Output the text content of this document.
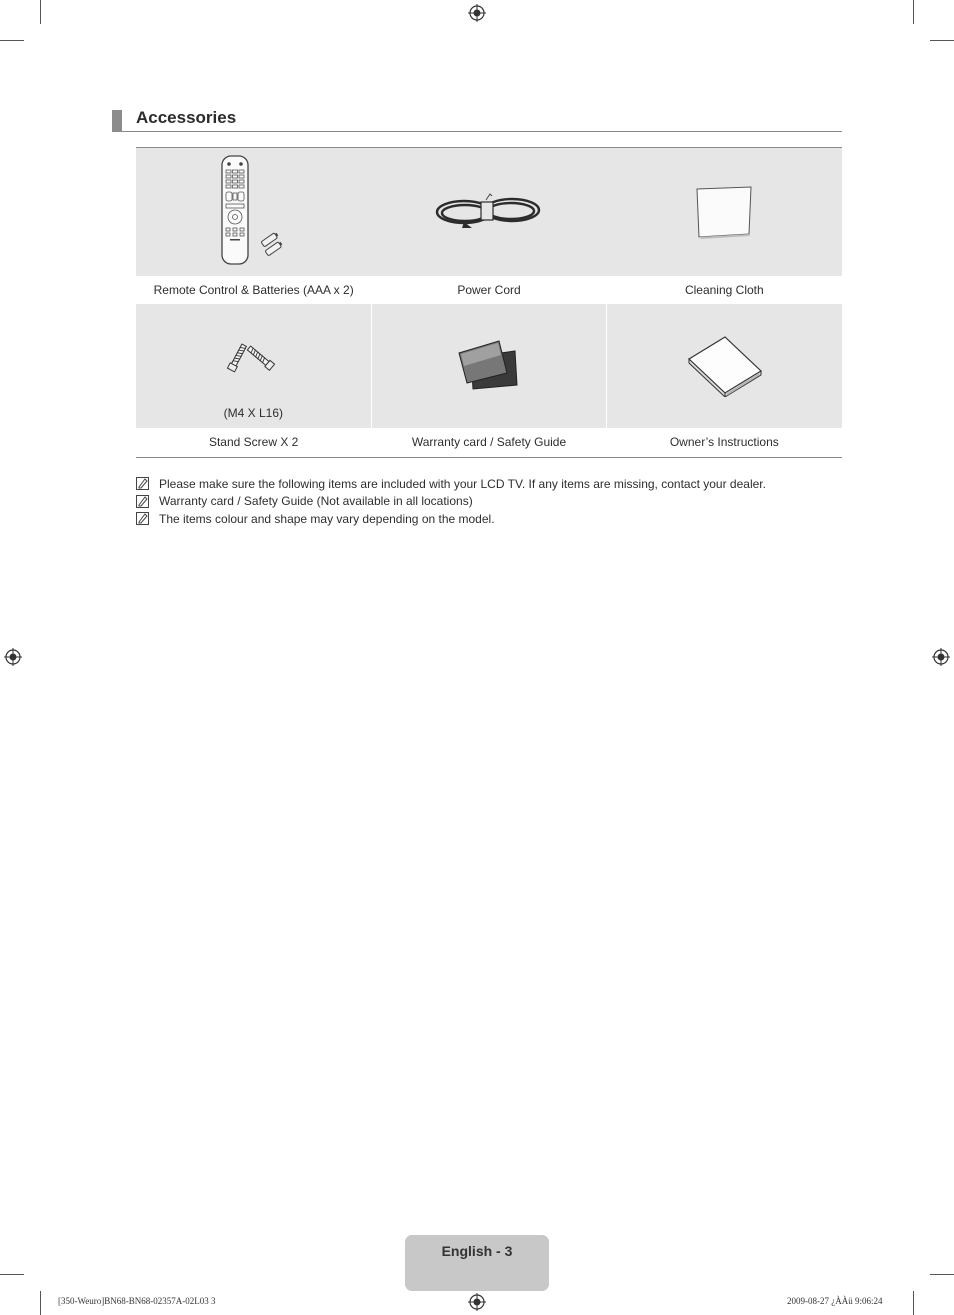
Accessories
Remote Control & Batteries (AAA x 2)	Power Cord	Cleaning Cloth
(M4 X L16)
Stand Screw X 2	Warranty card / Safety Guide	Owner’s Instructions
Please make sure the following items are included with your LCD TV. If any items are missing, contact your dealer.
Warranty card / Safety Guide (Not available in all locations)
The items colour and shape may vary depending on the model.
English - 3
[350-Weuro]BN68-BN68-02357A-02L03 3	2009-08-27 ¿ÀÀü 9:06:24
